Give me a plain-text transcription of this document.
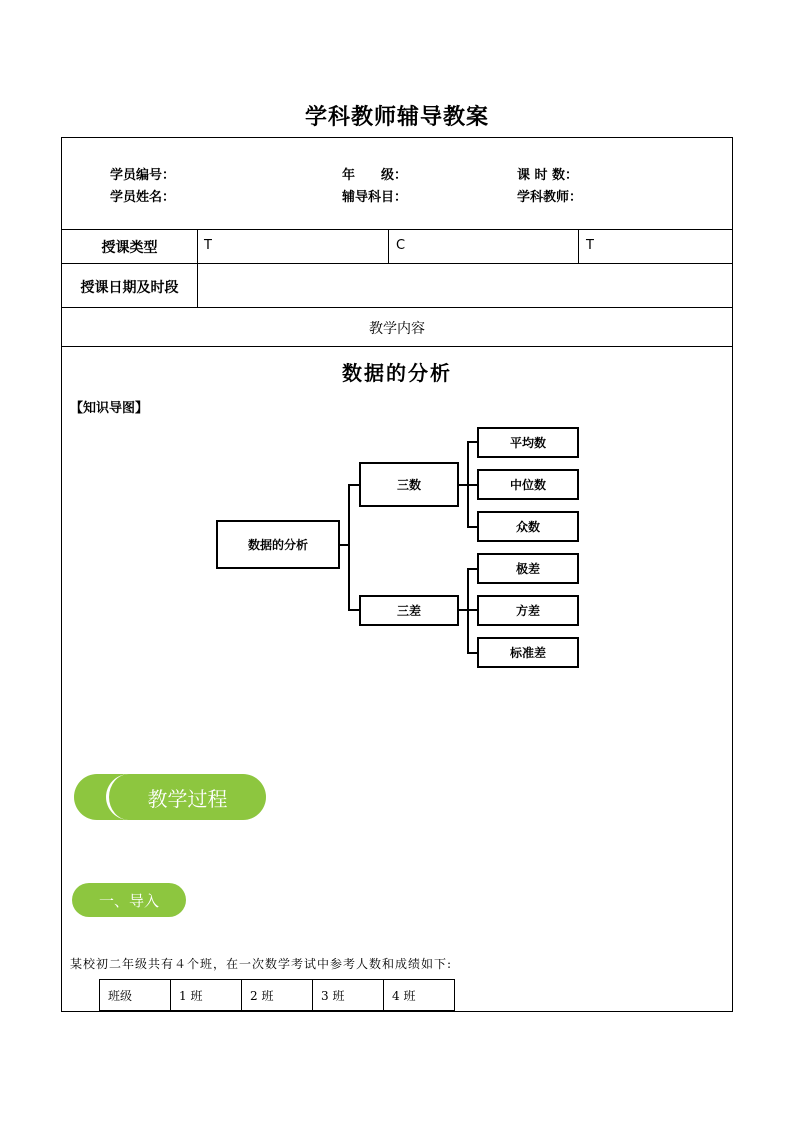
学科教师辅导教案
学员编号：	年　　级：	课 时 数：
学员姓名：	辅导科目：	学科教师：
授课类型	T	C	T
授课日期及时段
教学内容
数据的分析
【知识导图】
数据的分析
三数
三差
平均数
中位数
众数
极差
方差
标准差
教学过程
一、导入
某校初二年级共有４个班，在一次数学考试中参考人数和成绩如下:
班级	1 班	2 班	3 班	4 班
